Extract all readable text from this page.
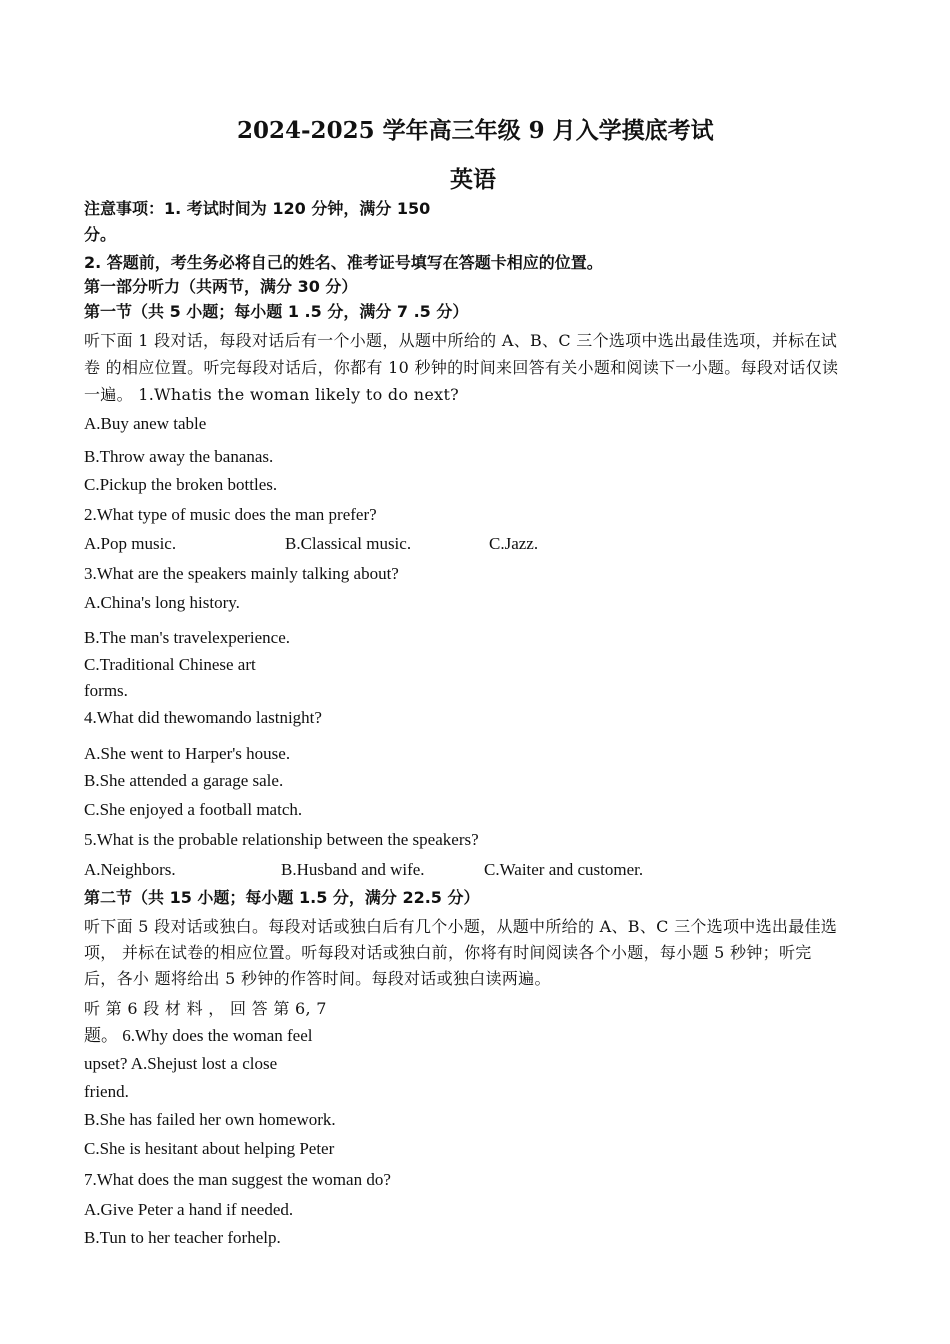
2024-2025 学年高三年级 9 月入学摸底考试
英语
注意事项：1. 考试时间为 120 分钟，满分 150
分。
2. 答题前，考生务必将自己的姓名、准考证号填写在答题卡相应的位置。
第一部分听力（共两节，满分 30 分）
第一节（共 5 小题；每小题 1 .5 分，满分 7 .5 分）
听下面 1 段对话，每段对话后有一个小题，从题中所给的 A、B、C 三个选项中选出最佳选项，并标在试
卷 的相应位置。听完每段对话后，你都有 10 秒钟的时间来回答有关小题和阅读下一小题。每段对话仅读
一遍。 1.Whatis the woman likely to do next?
A.Buy anew table
B.Throw away the bananas.
C.Pickup the broken bottles.
2.What type of music does the man prefer?
A.Pop music.	B.Classical music.	C.Jazz.
3.What are the speakers mainly talking about?
A.China's long history.
B.The man's travelexperience.
C.Traditional Chinese art
forms.
4.What did thewomando lastnight?
A.She went to Harper's house.
B.She attended a garage sale.
C.She enjoyed a football match.
5.What is the probable relationship between the speakers?
A.Neighbors.	B.Husband and wife.	C.Waiter and customer.
第二节（共 15 小题；每小题 1.5 分，满分 22.5 分）
听下面 5 段对话或独白。每段对话或独白后有几个小题，从题中所给的 A、B、C 三个选项中选出最佳选
项， 并标在试卷的相应位置。听每段对话或独白前，你将有时间阅读各个小题，每小题 5 秒钟；听完
后，各小 题将给出 5 秒钟的作答时间。每段对话或独白读两遍。
听 第 6 段 材 料 ， 回 答 第 6, 7
题。 6.Why does the woman feel
upset? A.Shejust lost a close
friend.
B.She has failed her own homework.
C.She is hesitant about helping Peter
7.What does the man suggest the woman do?
A.Give Peter a hand if needed.
B.Tun to her teacher forhelp.
